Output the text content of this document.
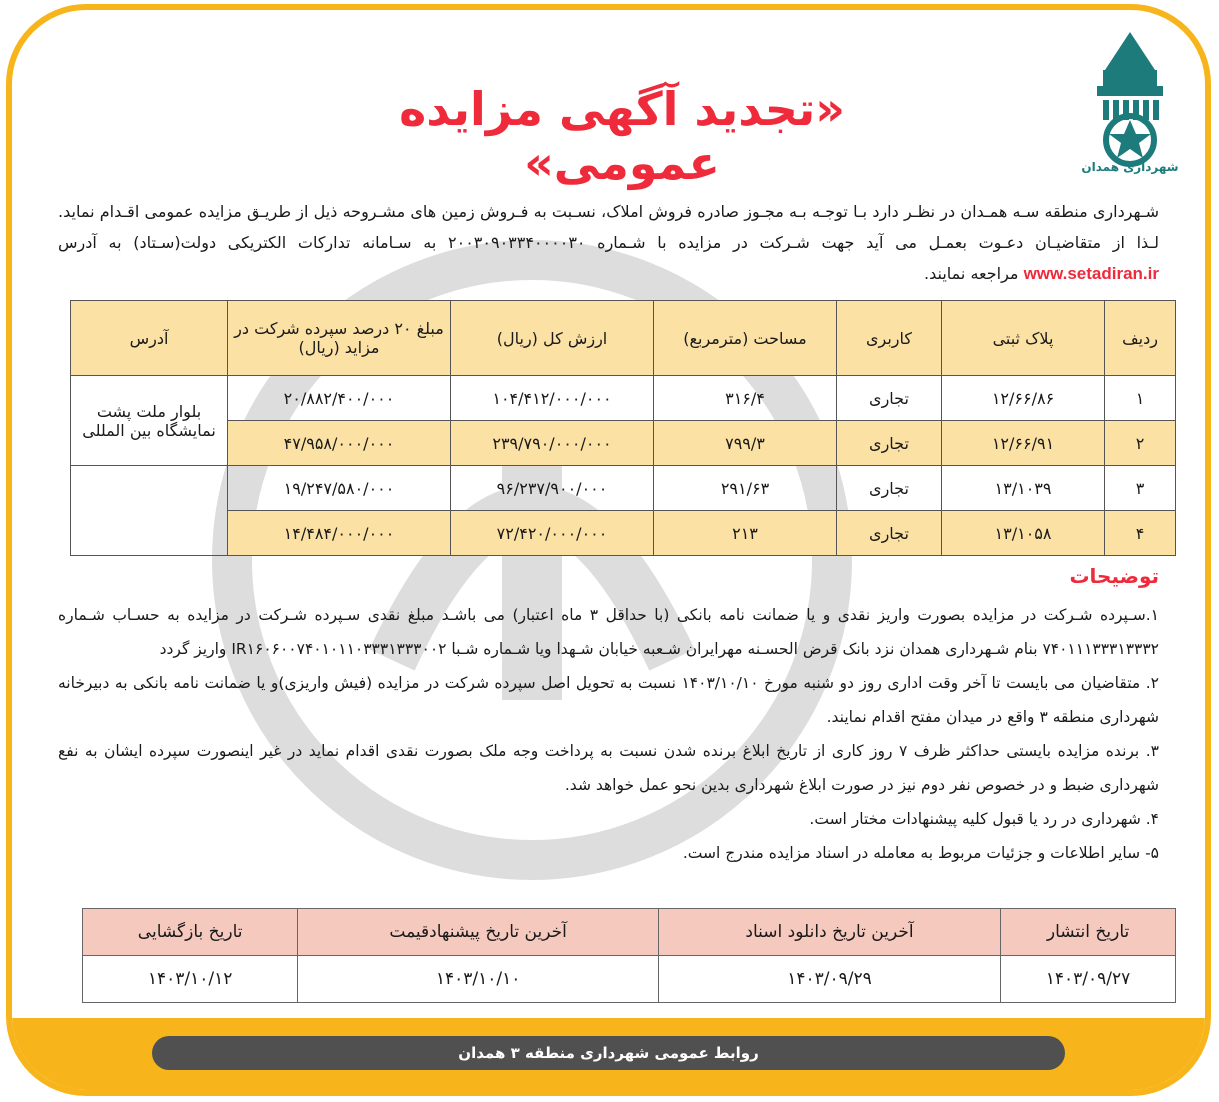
«تجدید آگهی مزایده عمومی»	شهرداری همدان
شـهرداری منطقه سـه همـدان در نظـر دارد بـا توجـه بـه مجـوز صادره فروش املاک، نسـبت به فـروش زمین های مشـروحه ذیل از طریـق مزایده عمومی اقـدام نماید. لـذا از متقاضیـان دعـوت بعمـل می آید جهت شـرکت در مزایده با شـماره ۲۰۰۳۰۹۰۳۳۴۰۰۰۰۳۰ به سـامانه تدارکات الکتریکی دولت(سـتاد) به آدرس www.setadiran.ir مراجعه نمایند.
ردیف	پلاک ثبتی	کاربری	مساحت (مترمربع)	ارزش کل (ریال)	مبلغ ۲۰ درصد سپرده شرکت در مزاید (ریال)	آدرس
۱	۱۲/۶۶/۸۶	تجاری	۳۱۶/۴	۱۰۴/۴۱۲/۰۰۰/۰۰۰	۲۰/۸۸۲/۴۰۰/۰۰۰	بلوار ملت پشت نمایشگاه بین المللی
۲	۱۲/۶۶/۹۱	تجاری	۷۹۹/۳	۲۳۹/۷۹۰/۰۰۰/۰۰۰	۴۷/۹۵۸/۰۰۰/۰۰۰	
۳	۱۳/۱۰۳۹	تجاری	۲۹۱/۶۳	۹۶/۲۳۷/۹۰۰/۰۰۰	۱۹/۲۴۷/۵۸۰/۰۰۰	
۴	۱۳/۱۰۵۸	تجاری	۲۱۳	۷۲/۴۲۰/۰۰۰/۰۰۰	۱۴/۴۸۴/۰۰۰/۰۰۰	
توضیحات

۱.سـپرده شـرکت در مزایده بصورت واریز نقدی و یا ضمانت نامه بانکی (با حداقل ۳ ماه اعتبار) می باشـد مبلغ نقدی سـپرده شـرکت در مزایده به حسـاب شـماره ۷۴۰۱۱۱۳۳۳۱۳۳۳۲ بنام شـهرداری همدان نزد بانک قرض الحسـنه مهرایران شـعبه خیابان شـهدا ویا شـماره شـبا IR۱۶۰۶۰۰۷۴۰۱۰۱۱۰۳۳۳۱۳۳۳۰۰۲ واریز گردد

۲. متقاضیان می بایست تا آخر وقت اداری روز دو شنبه مورخ ۱۴۰۳/۱۰/۱۰ نسبت به تحویل اصل سپرده شرکت در مزایده (فیش واریزی)و یا ضمانت نامه بانکی به دبیرخانه شهرداری منطقه ۳ واقع در میدان مفتح اقدام نمایند.

۳. برنده مزایده بایستی حداکثر ظرف ۷ روز کاری از تاریخ ابلاغ برنده شدن نسبت به پرداخت وجه ملک بصورت نقدی اقدام نماید در غیر اینصورت سپرده ایشان به نفع شهرداری ضبط و در خصوص نفر دوم نیز در صورت ابلاغ شهرداری بدین نحو عمل خواهد شد.

۴. شهرداری در رد یا قبول کلیه پیشنهادات مختار است.

۵- سایر اطلاعات و جزئیات مربوط به معامله در اسناد مزایده مندرج است.

تاریخ انتشار	آخرین تاریخ دانلود اسناد	آخرین تاریخ پیشنهادقیمت	تاریخ بازگشایی
۱۴۰۳/۰۹/۲۷	۱۴۰۳/۰۹/۲۹	۱۴۰۳/۱۰/۱۰	۱۴۰۳/۱۰/۱۲
روابط عمومی شهرداری منطقه ۳ همدان
